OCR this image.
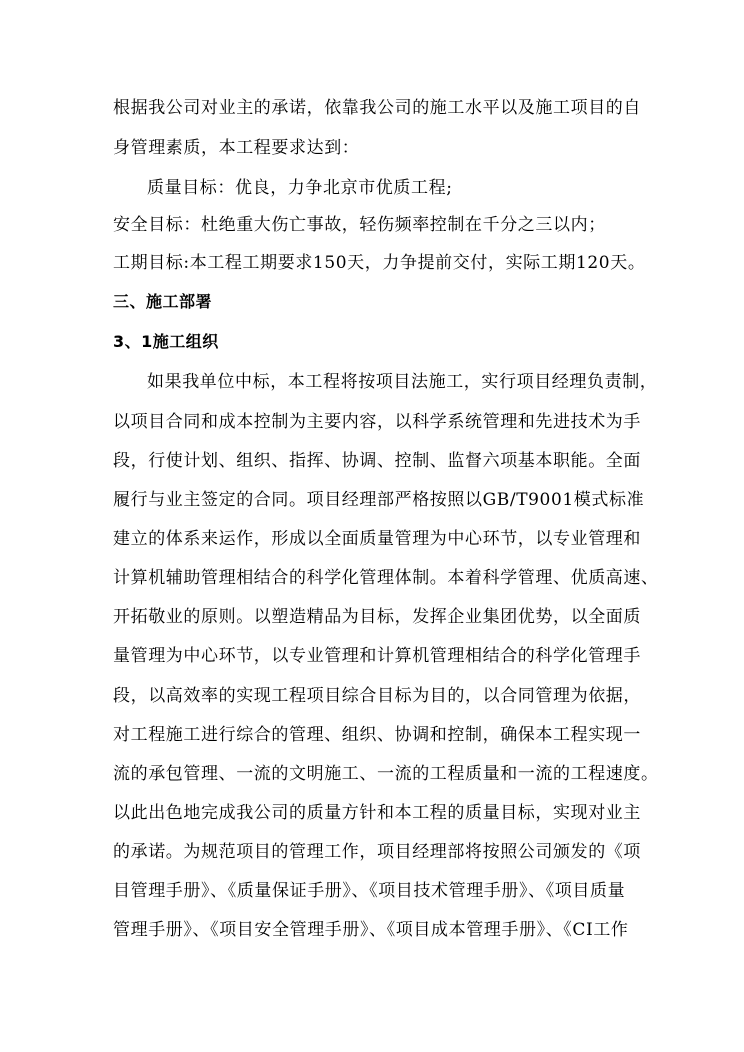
根据我公司对业主的承诺，依靠我公司的施工水平以及施工项目的自
身管理素质，本工程要求达到：
质量目标：优良，力争北京市优质工程;
安全目标：杜绝重大伤亡事故，轻伤频率控制在千分之三以内；
工期目标:本工程工期要求150天，力争提前交付，实际工期120天。
三、施工部署
3、1施工组织
如果我单位中标，本工程将按项目法施工，实行项目经理负责制，
以项目合同和成本控制为主要内容，以科学系统管理和先进技术为手
段，行使计划、组织、指挥、协调、控制、监督六项基本职能。全面
履行与业主签定的合同。项目经理部严格按照以GB/T9001模式标准
建立的体系来运作，形成以全面质量管理为中心环节，以专业管理和
计算机辅助管理相结合的科学化管理体制。本着科学管理、优质高速、
开拓敬业的原则。以塑造精品为目标，发挥企业集团优势，以全面质
量管理为中心环节，以专业管理和计算机管理相结合的科学化管理手
段，以高效率的实现工程项目综合目标为目的，以合同管理为依据，
对工程施工进行综合的管理、组织、协调和控制，确保本工程实现一
流的承包管理、一流的文明施工、一流的工程质量和一流的工程速度。
以此出色地完成我公司的质量方针和本工程的质量目标，实现对业主
的承诺。为规范项目的管理工作，项目经理部将按照公司颁发的《项
目管理手册》、《质量保证手册》、《项目技术管理手册》、《项目质量
管理手册》、《项目安全管理手册》、《项目成本管理手册》、《CI工作
